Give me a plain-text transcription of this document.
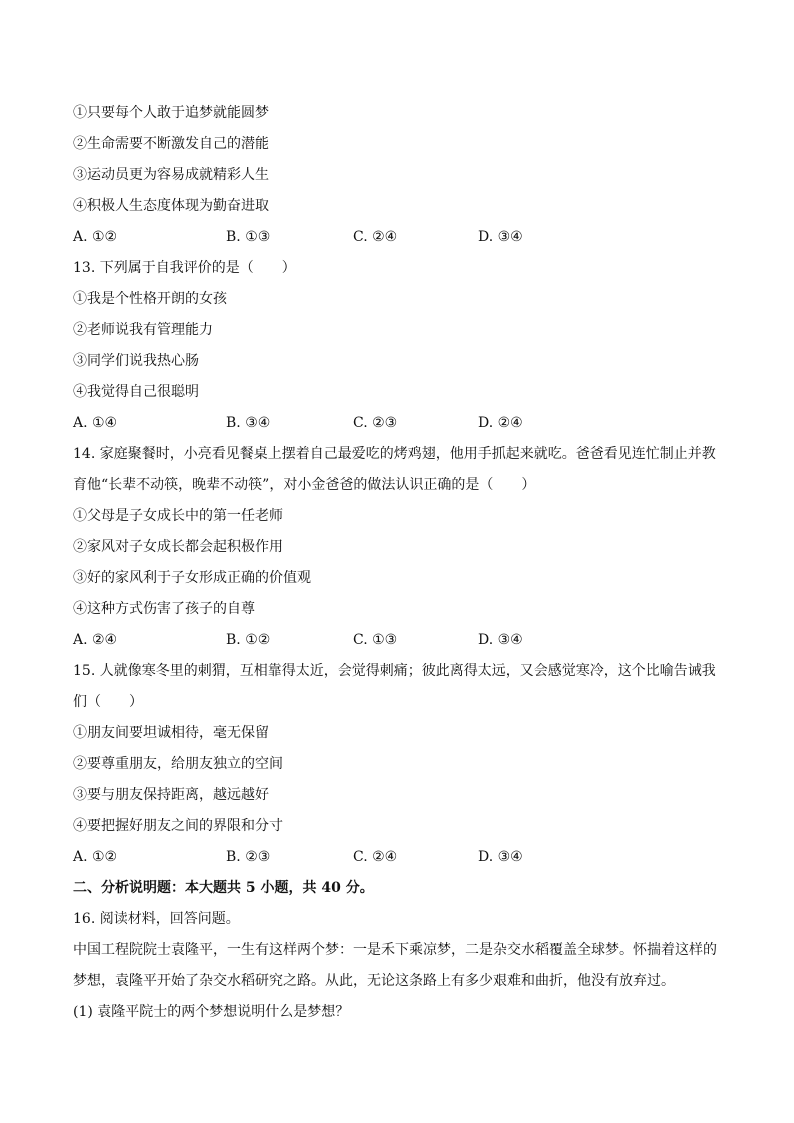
①只要每个人敢于追梦就能圆梦
②生命需要不断激发自己的潜能
③运动员更为容易成就精彩人生
④积极人生态度体现为勤奋进取
A. ①②	B. ①③	C. ②④	D. ③④
13. 下列属于自我评价的是（　　）
①我是个性格开朗的女孩
②老师说我有管理能力
③同学们说我热心肠
④我觉得自己很聪明
A. ①④	B. ③④	C. ②③	D. ②④
14. 家庭聚餐时，小亮看见餐桌上摆着自己最爱吃的烤鸡翅，他用手抓起来就吃。爸爸看见连忙制止并教
育他“长辈不动筷，晚辈不动筷”，对小金爸爸的做法认识正确的是（　　）
①父母是子女成长中的第一任老师
②家风对子女成长都会起积极作用
③好的家风利于子女形成正确的价值观
④这种方式伤害了孩子的自尊
A. ②④	B. ①②	C. ①③	D. ③④
15. 人就像寒冬里的刺猬，互相靠得太近，会觉得刺痛；彼此离得太远，又会感觉寒冷，这个比喻告诫我
们（　　）
①朋友间要坦诚相待，毫无保留
②要尊重朋友，给朋友独立的空间
③要与朋友保持距离，越远越好
④要把握好朋友之间的界限和分寸
A. ①②	B. ②③	C. ②④	D. ③④
二、分析说明题：本大题共 5 小题，共 40 分。
16. 阅读材料，回答问题。
中国工程院院士袁隆平，一生有这样两个梦：一是禾下乘凉梦，二是杂交水稻覆盖全球梦。怀揣着这样的
梦想，袁隆平开始了杂交水稻研究之路。从此，无论这条路上有多少艰难和曲折，他没有放弃过。
(1) 袁隆平院士的两个梦想说明什么是梦想？
